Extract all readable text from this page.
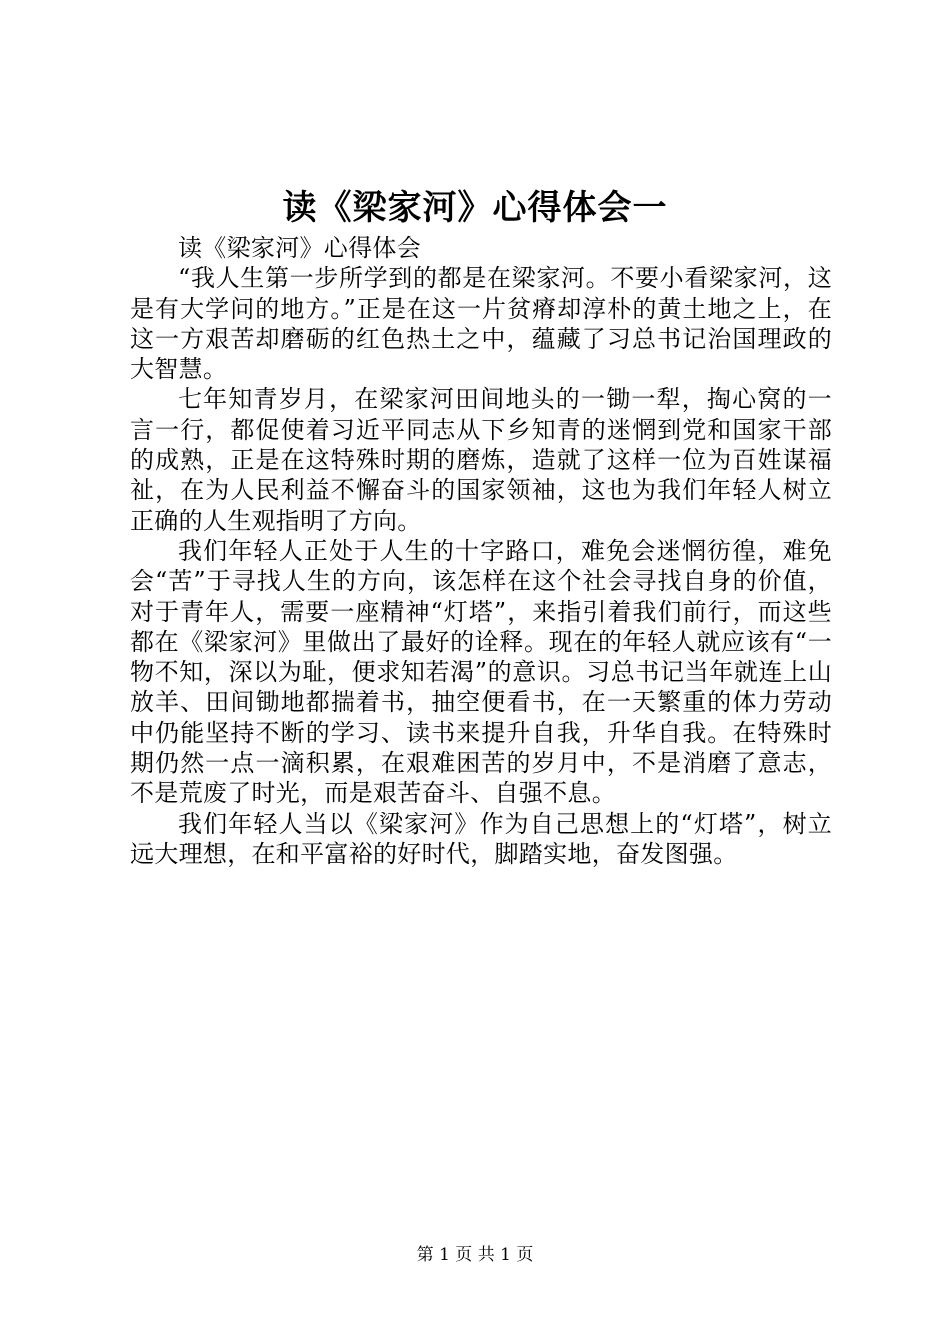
读《梁家河》心得体会一

读《梁家河》心得体会

“我人生第一步所学到的都是在梁家河。不要小看梁家河，这是有大学问的地方。”正是在这一片贫瘠却淳朴的黄土地之上，在这一方艰苦却磨砺的红色热土之中，蕴藏了习总书记治国理政的大智慧。

七年知青岁月，在梁家河田间地头的一锄一犁，掏心窝的一言一行，都促使着习近平同志从下乡知青的迷惘到党和国家干部的成熟，正是在这特殊时期的磨炼，造就了这样一位为百姓谋福祉，在为人民利益不懈奋斗的国家领袖，这也为我们年轻人树立正确的人生观指明了方向。

我们年轻人正处于人生的十字路口，难免会迷惘彷徨，难免会“苦”于寻找人生的方向，该怎样在这个社会寻找自身的价值，对于青年人，需要一座精神“灯塔”，来指引着我们前行，而这些都在《梁家河》里做出了最好的诠释。现在的年轻人就应该有“一物不知，深以为耻，便求知若渴”的意识。习总书记当年就连上山放羊、田间锄地都揣着书，抽空便看书，在一天繁重的体力劳动中仍能坚持不断的学习、读书来提升自我，升华自我。在特殊时期仍然一点一滴积累，在艰难困苦的岁月中，不是消磨了意志，不是荒废了时光，而是艰苦奋斗、自强不息。

我们年轻人当以《梁家河》作为自己思想上的“灯塔”，树立远大理想，在和平富裕的好时代，脚踏实地，奋发图强。

第 1 页 共 1 页
